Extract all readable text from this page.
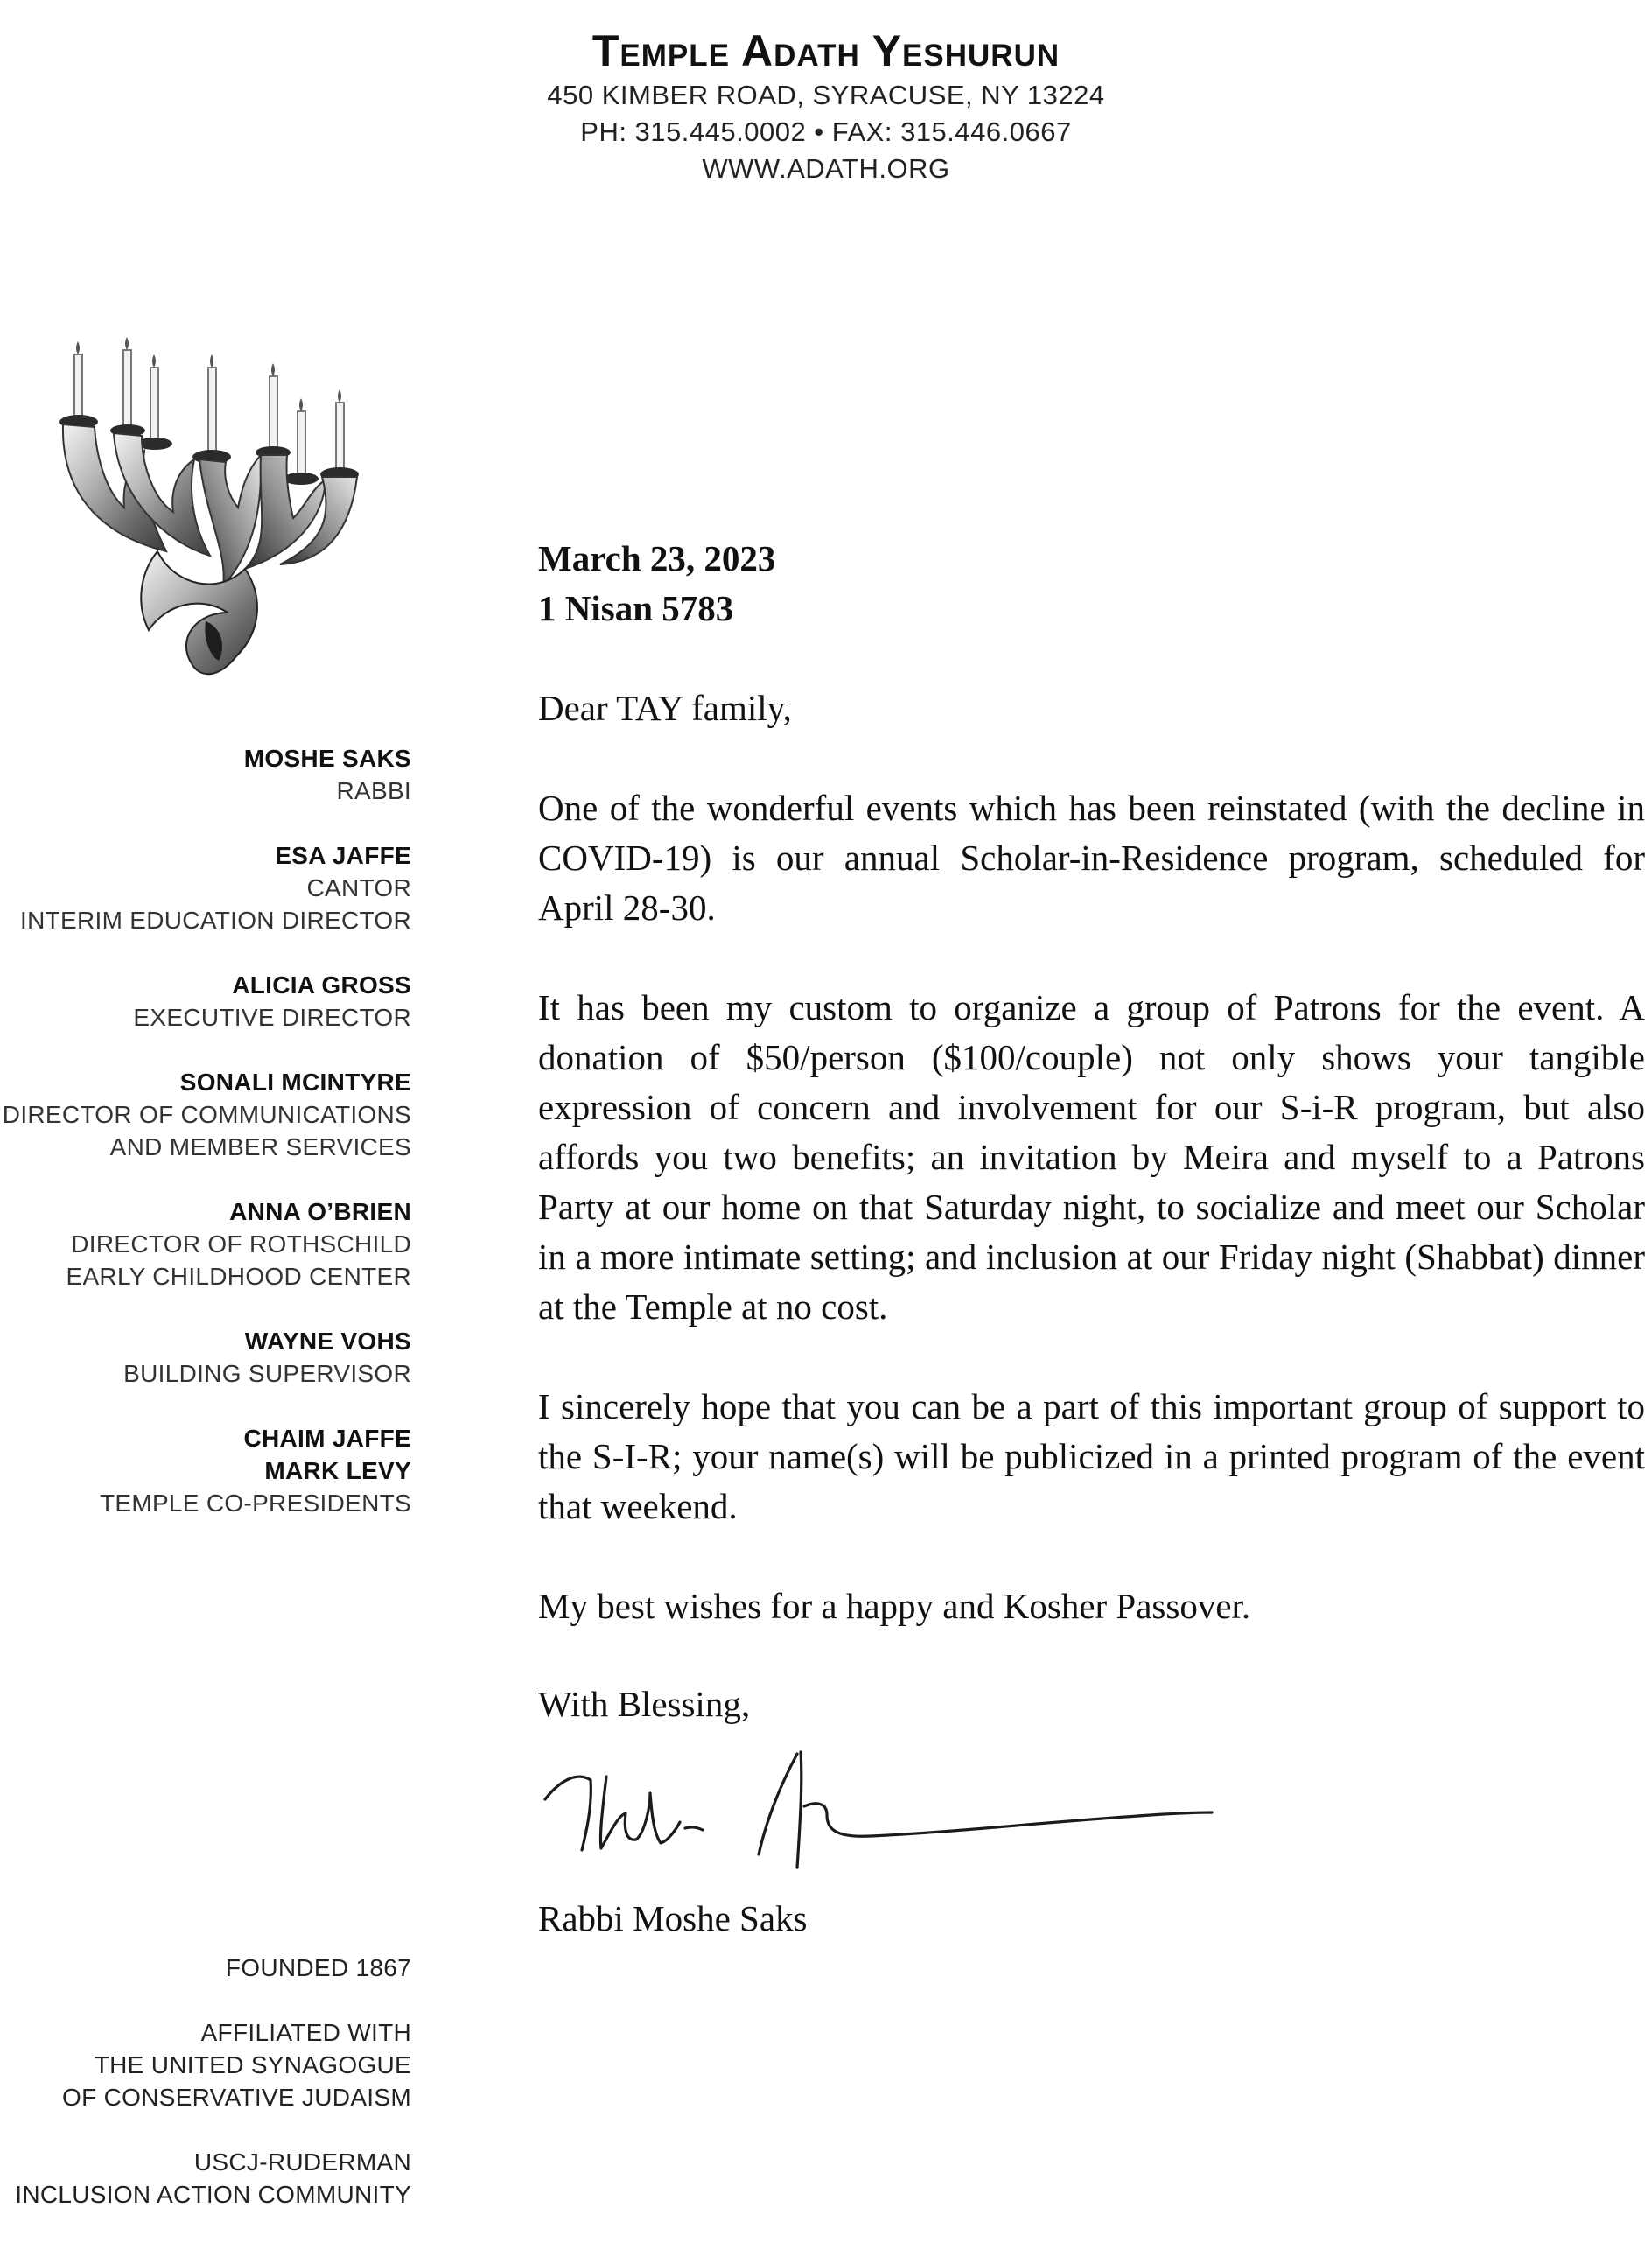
Temple Adath Yeshurun
450 KIMBER ROAD, SYRACUSE, NY 13224
PH: 315.445.0002 • FAX: 315.446.0667
WWW.ADATH.ORG
MOSHE SAKS
RABBI
ESA JAFFE
CANTOR
INTERIM EDUCATION DIRECTOR
ALICIA GROSS
EXECUTIVE DIRECTOR
SONALI MCINTYRE
DIRECTOR OF COMMUNICATIONS
AND MEMBER SERVICES
ANNA O’BRIEN
DIRECTOR OF ROTHSCHILD
EARLY CHILDHOOD CENTER
WAYNE VOHS
BUILDING SUPERVISOR
CHAIM JAFFE
MARK LEVY
TEMPLE CO-PRESIDENTS
FOUNDED 1867
AFFILIATED WITH
THE UNITED SYNAGOGUE
OF CONSERVATIVE JUDAISM
USCJ-RUDERMAN
INCLUSION ACTION COMMUNITY
March 23, 2023
1 Nisan 5783
Dear TAY family,

One of the wonderful events which has been reinstated (with the decline in COVID-19) is our annual Scholar-in-Residence program, scheduled for April 28-30.

It has been my custom to organize a group of Patrons for the event. A donation of $50/person ($100/couple) not only shows your tangible expression of concern and involvement for our S-i-R program, but also affords you two benefits; an invitation by Meira and myself to a Patrons Party at our home on that Saturday night, to socialize and meet our Scholar in a more intimate setting; and inclusion at our Friday night (Shabbat) dinner at the Temple at no cost.

I sincerely hope that you can be a part of this important group of support to the S-I-R; your name(s) will be publicized in a printed program of the event that weekend.

My best wishes for a happy and Kosher Passover.
With Blessing,
Rabbi Moshe Saks
